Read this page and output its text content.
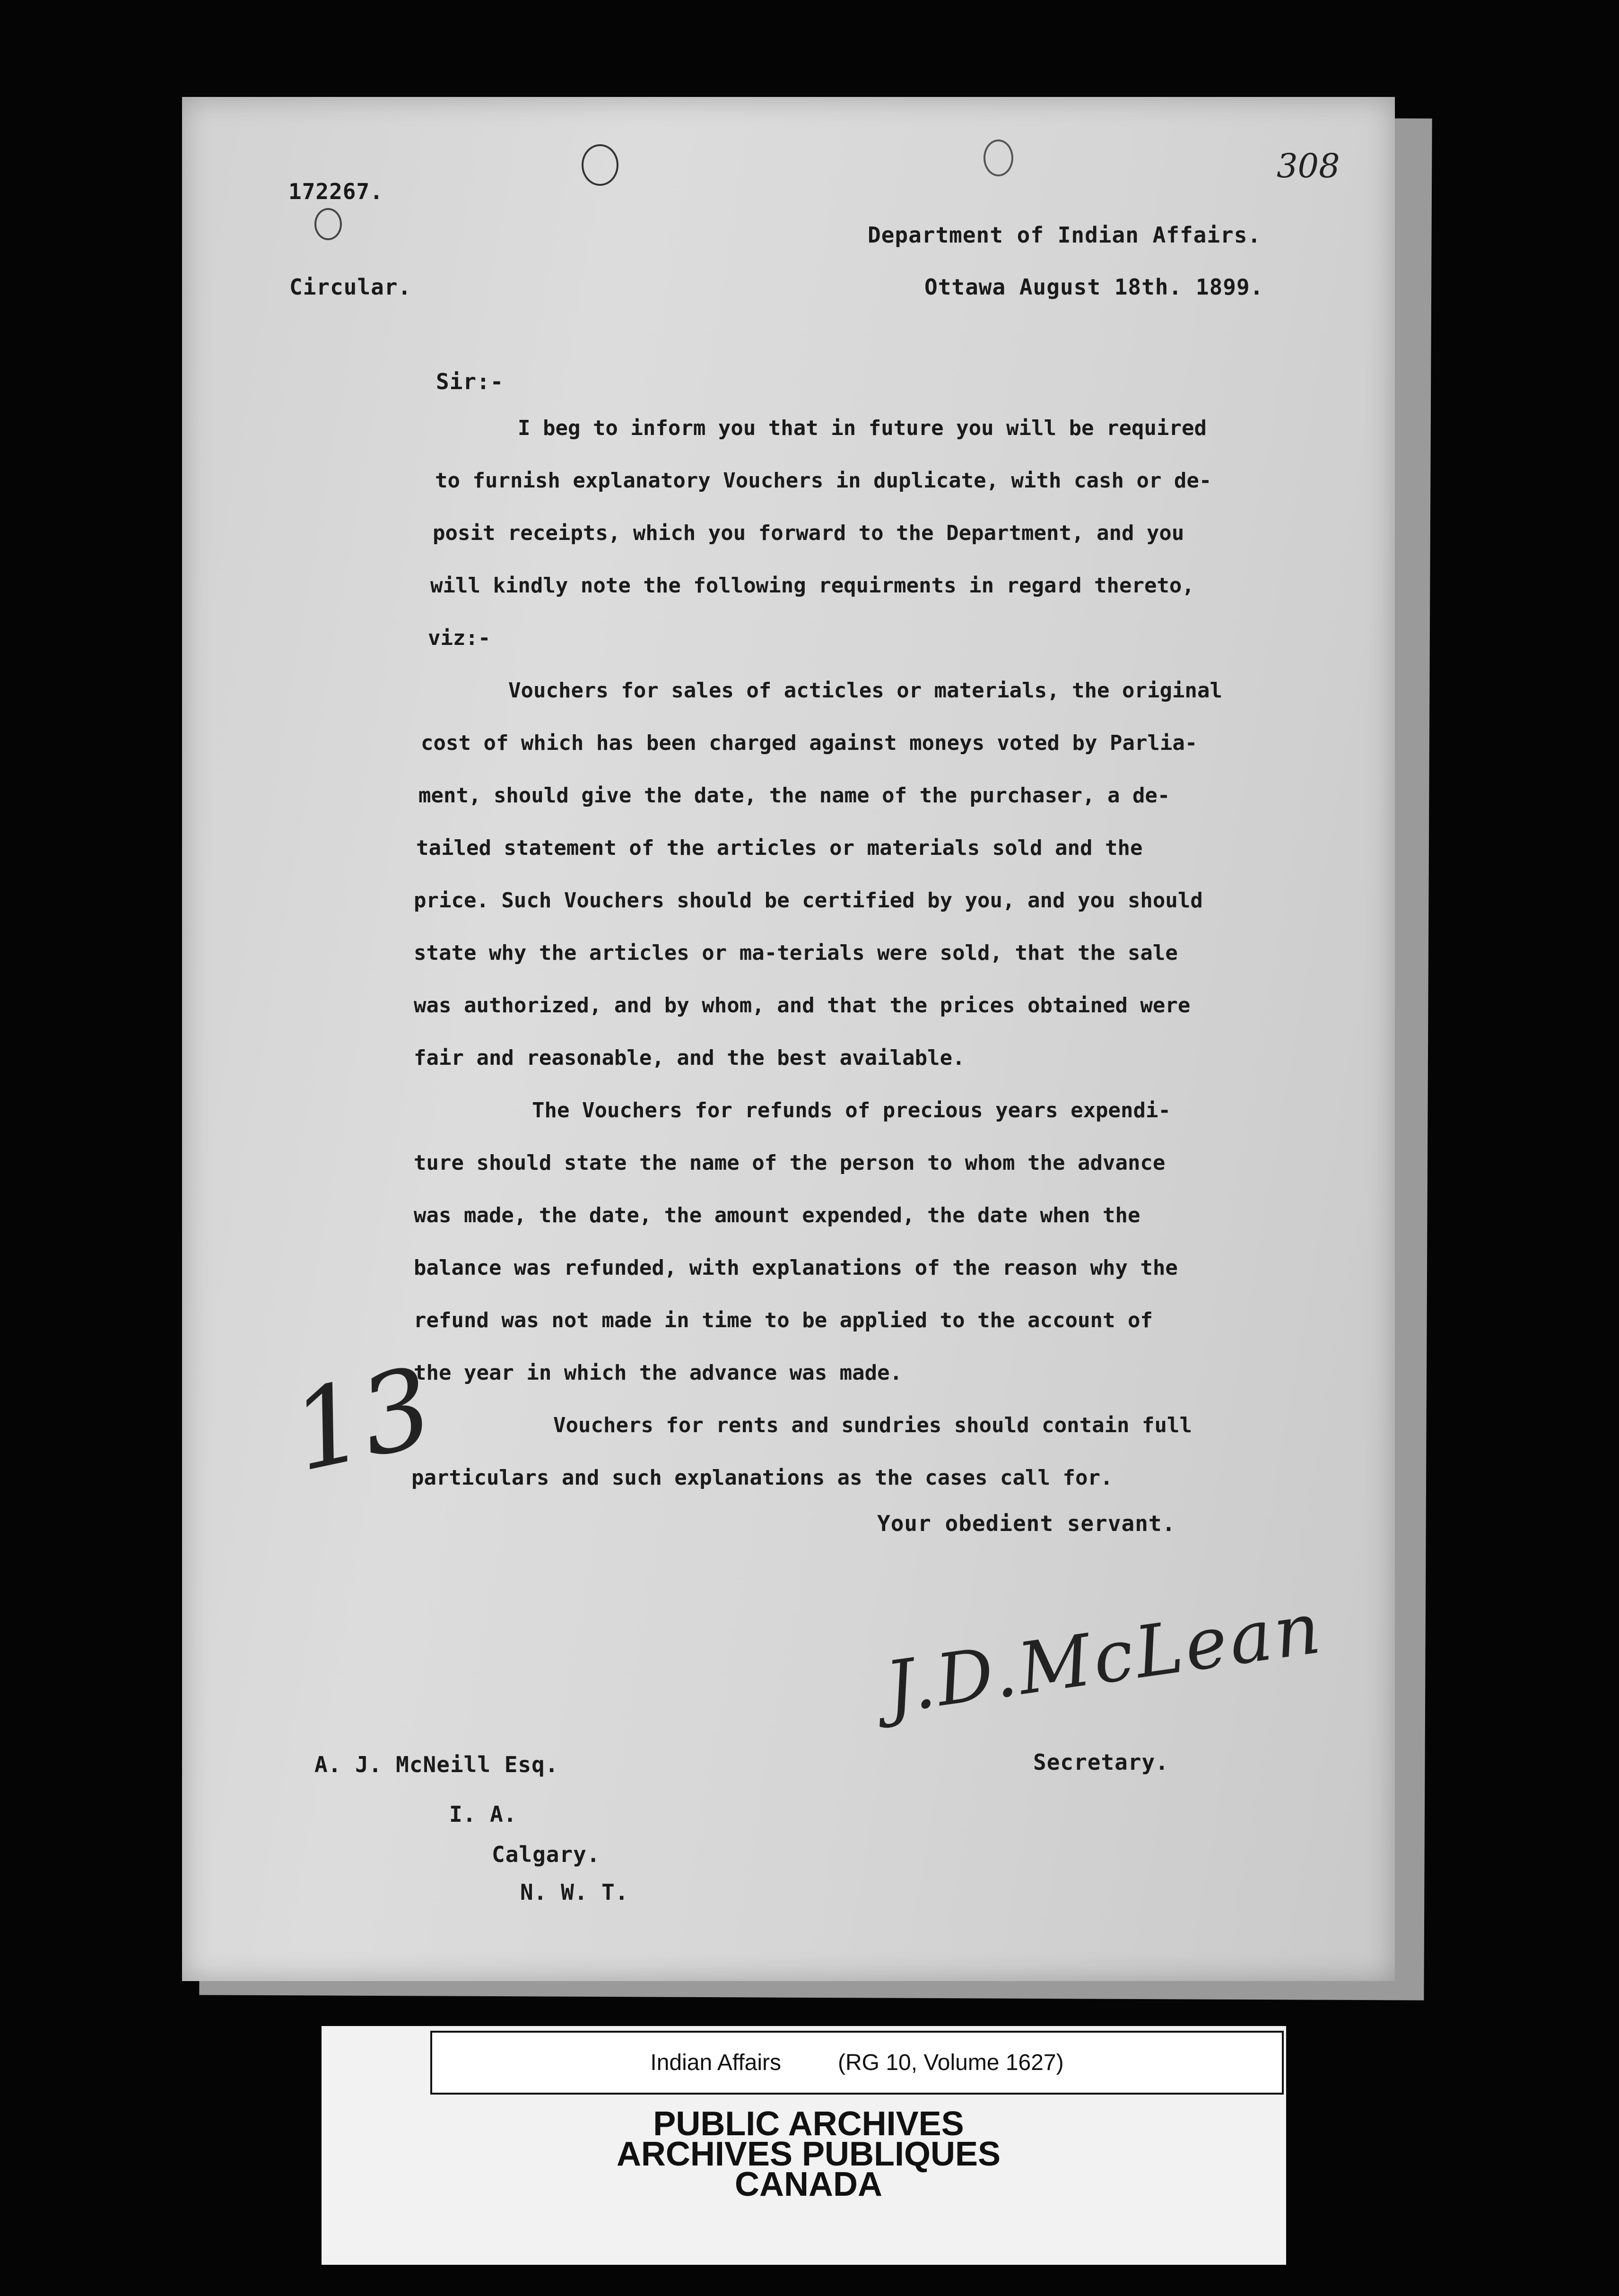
172267.
308
Department of Indian Affairs.
Circular.	Ottawa August 18th. 1899.
Sir:-

I beg to inform you that in future you will be required

to furnish explanatory Vouchers in duplicate, with cash or de-

posit receipts, which you forward to the Department, and you

will kindly note the following requirments in regard thereto,

viz:-

Vouchers for sales of acticles or materials, the original

cost of which has been charged against moneys voted by Parlia-

ment, should give the date, the name of the purchaser, a de-

tailed statement of the articles or materials sold and the

price. Such Vouchers should be certified by you, and you should

state why the articles or ma-terials were sold, that the sale

was authorized, and by whom, and that the prices obtained were

fair and reasonable, and the best available.

The Vouchers for refunds of precious years expendi-

ture should state the name of the person to whom the advance

was made, the date, the amount expended, the date when the

balance was refunded, with explanations of the reason why the

refund was not made in time to be applied to the account of

the year in which the advance was made.

Vouchers for rents and sundries should contain full

particulars and such explanations as the cases call for.

13
Your obedient servant.
J.D.McLean
Secretary.
A. J. McNeill Esq.
I. A.
Calgary.
N. W. T.
Indian Affairs	(RG 10, Volume 1627)
PUBLIC ARCHIVES
ARCHIVES PUBLIQUES
CANADA
